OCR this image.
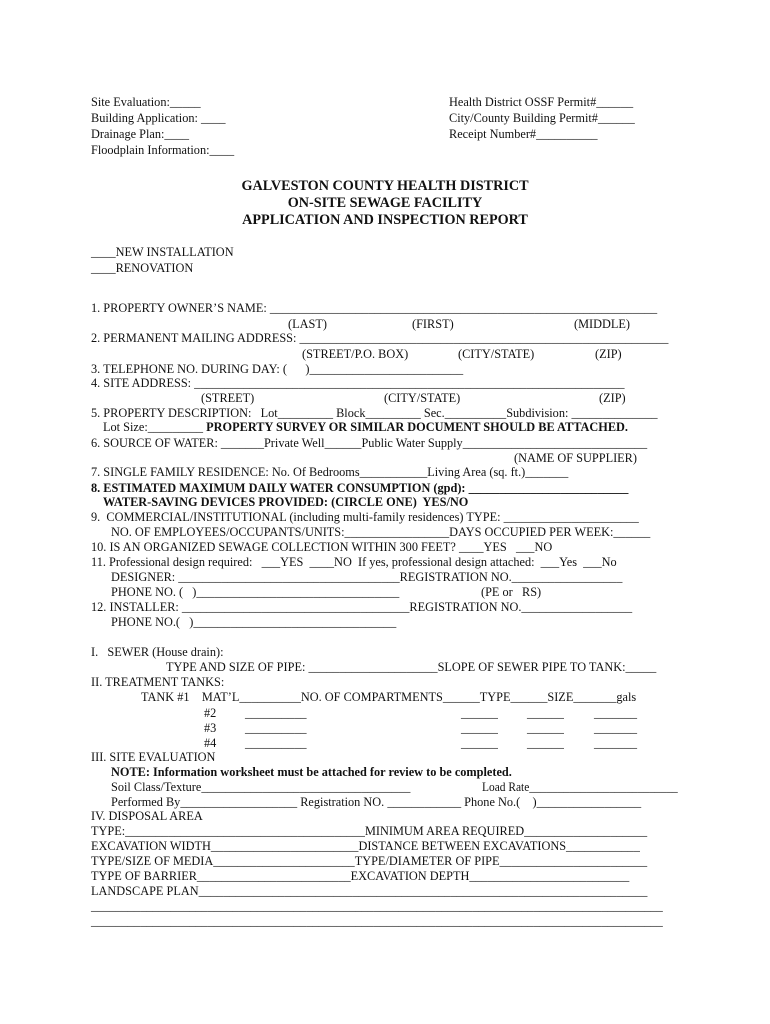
Site Evaluation:_____
Building Application: ____
Drainage Plan:____
Floodplain Information:____
Health District OSSF Permit#______
City/County Building Permit#______
Receipt Number#__________
GALVESTON COUNTY HEALTH DISTRICT
ON-SITE SEWAGE FACILITY
APPLICATION AND INSPECTION REPORT
____NEW INSTALLATION
____RENOVATION
1. PROPERTY OWNER’S NAME: _______________________________________________________________
(LAST)	(FIRST)	(MIDDLE)
2. PERMANENT MAILING ADDRESS: ____________________________________________________________
(STREET/P.O. BOX)	(CITY/STATE)	(ZIP)
3. TELEPHONE NO. DURING DAY: (      )_________________________
4. SITE ADDRESS: ______________________________________________________________________
(STREET)	(CITY/STATE)	(ZIP)
5. PROPERTY DESCRIPTION:   Lot_________ Block_________ Sec.__________Subdivision: ______________
Lot Size:_________ PROPERTY SURVEY OR SIMILAR DOCUMENT SHOULD BE ATTACHED.
6. SOURCE OF WATER: _______Private Well______Public Water Supply______________________________
(NAME OF SUPPLIER)
7. SINGLE FAMILY RESIDENCE: No. Of Bedrooms___________Living Area (sq. ft.)_______
8. ESTIMATED MAXIMUM DAILY WATER CONSUMPTION (gpd): __________________________
WATER-SAVING DEVICES PROVIDED: (CIRCLE ONE)  YES/NO
9.  COMMERCIAL/INSTITUTIONAL (including multi-family residences) TYPE: ______________________
NO. OF EMPLOYEES/OCCUPANTS/UNITS:_________________DAYS OCCUPIED PER WEEK:______
10. IS AN ORGANIZED SEWAGE COLLECTION WITHIN 300 FEET? ____YES   ___NO
11. Professional design required:   ___YES  ____NO  If yes, professional design attached:  ___Yes  ___No
DESIGNER: ____________________________________REGISTRATION NO.__________________
PHONE NO. (   )_________________________________	(PE or   RS)
12. INSTALLER: _____________________________________REGISTRATION NO.__________________
PHONE NO.(   )_________________________________
I.   SEWER (House drain):
TYPE AND SIZE OF PIPE: _____________________SLOPE OF SEWER PIPE TO TANK:_____
II. TREATMENT TANKS:
TANK #1    MAT’L__________NO. OF COMPARTMENTS______TYPE______SIZE_______gals
#2 __________	______ ______ _______
#3 __________	______ ______ _______
#4 __________	______ ______ _______
III. SITE EVALUATION
NOTE: Information worksheet must be attached for review to be completed.
Soil Class/Texture__________________________________	Load Rate__________________________
Performed By___________________ Registration NO. ____________ Phone No.(    )_________________
IV. DISPOSAL AREA
TYPE:_______________________________________MINIMUM AREA REQUIRED____________________
EXCAVATION WIDTH________________________DISTANCE BETWEEN EXCAVATIONS____________
TYPE/SIZE OF MEDIA_______________________TYPE/DIAMETER OF PIPE________________________
TYPE OF BARRIER_________________________EXCAVATION DEPTH__________________________
LANDSCAPE PLAN_________________________________________________________________________
_____________________________________________________________________________________________
_____________________________________________________________________________________________
